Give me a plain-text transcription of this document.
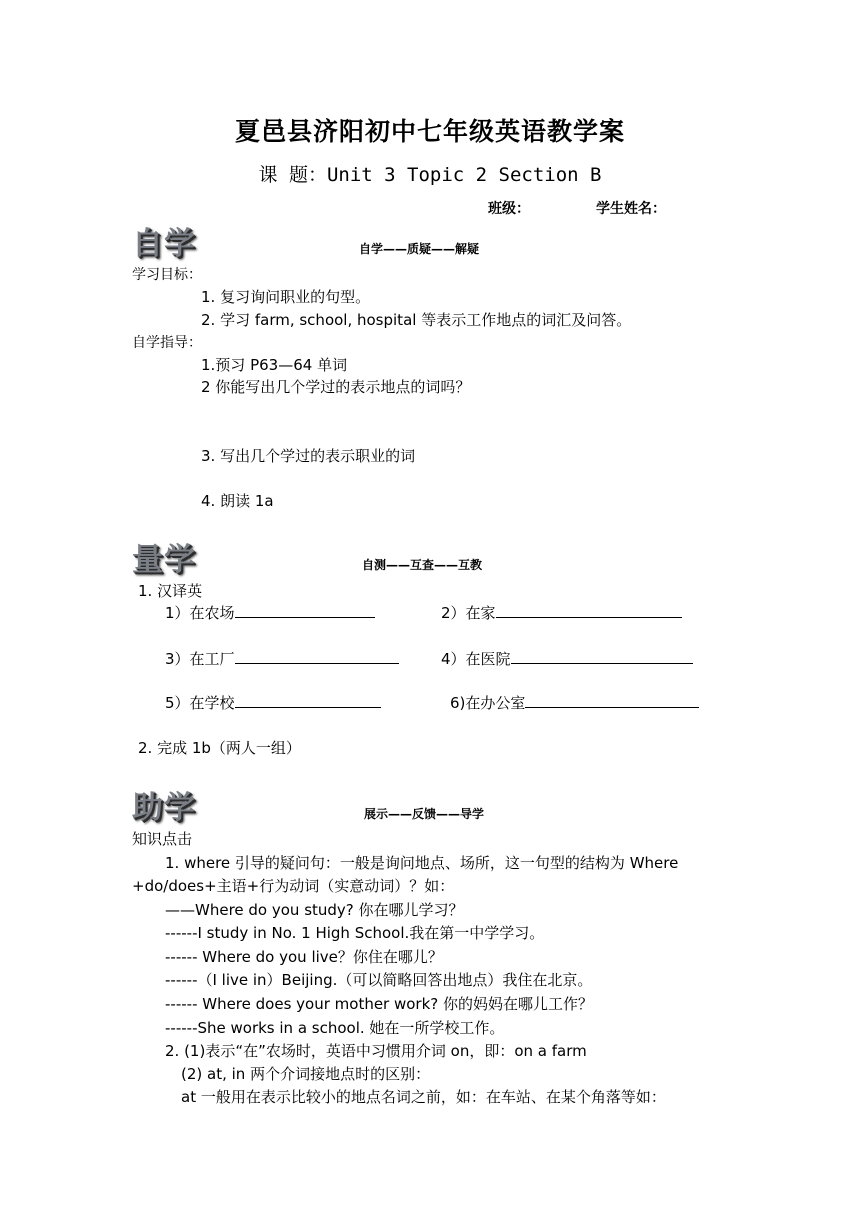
夏邑县济阳初中七年级英语教学案
课 题：Unit 3 Topic 2 Section B
班级：	学生姓名：
自学	自学——质疑——解疑
学习目标：
1. 复习询问职业的句型。
2. 学习 farm, school, hospital 等表示工作地点的词汇及问答。
自学指导：
1.预习 P63—64 单词
2 你能写出几个学过的表示地点的词吗？
3. 写出几个学过的表示职业的词
4. 朗读 1a
量学	自测——互查——互教
1. 汉译英
1）在农场	2）在家
3）在工厂	4）在医院
5）在学校	6)在办公室
2. 完成 1b（两人一组）
助学	展示——反馈——导学
知识点击
1. where 引导的疑问句：一般是询问地点、场所，这一句型的结构为 Where
+do/does+主语+行为动词（实意动词）？如：
——Where do you study? 你在哪儿学习？
------I study in No. 1 High School.我在第一中学学习。
------ Where do you live？你住在哪儿？
------（I live in）Beijing.（可以简略回答出地点）我住在北京。
------ Where does your mother work? 你的妈妈在哪儿工作？
------She works in a school. 她在一所学校工作。
2. (1)表示“在”农场时，英语中习惯用介词 on，即：on a farm
(2) at, in 两个介词接地点时的区别：
at 一般用在表示比较小的地点名词之前，如：在车站、在某个角落等如：
